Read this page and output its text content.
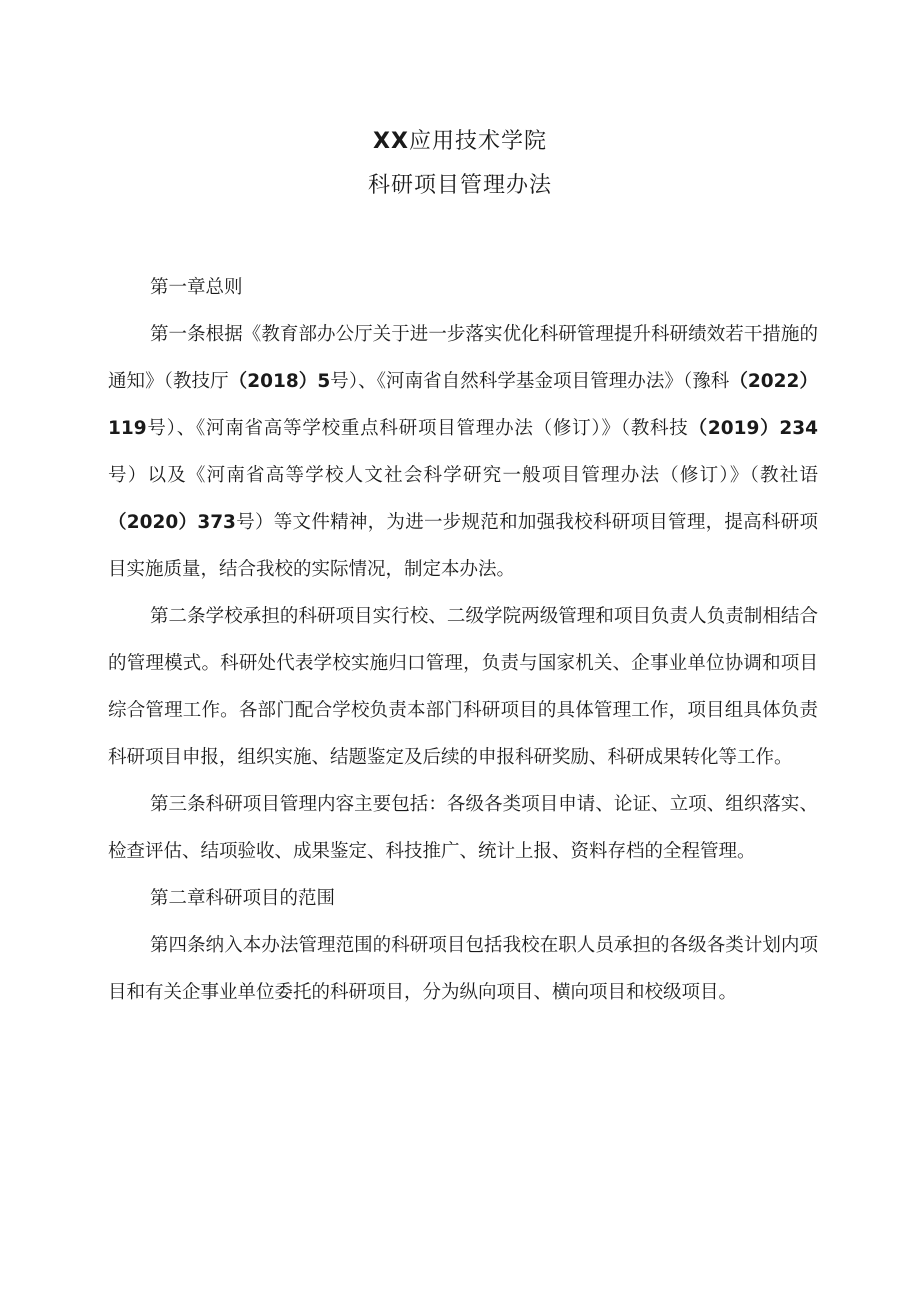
XX应用技术学院
科研项目管理办法

第一章总则

第一条根据《教育部办公厅关于进一步落实优化科研管理提升科研绩效若干措施的通知》（教技厅（2018）5号）、《河南省自然科学基金项目管理办法》（豫科（2022）119号）、《河南省高等学校重点科研项目管理办法（修订）》（教科技（2019）234号）以及《河南省高等学校人文社会科学研究一般项目管理办法（修订）》（教社语（2020）373号）等文件精神，为进一步规范和加强我校科研项目管理，提高科研项目实施质量，结合我校的实际情况，制定本办法。

第二条学校承担的科研项目实行校、二级学院两级管理和项目负责人负责制相结合的管理模式。科研处代表学校实施归口管理，负责与国家机关、企事业单位协调和项目综合管理工作。各部门配合学校负责本部门科研项目的具体管理工作，项目组具体负责科研项目申报，组织实施、结题鉴定及后续的申报科研奖励、科研成果转化等工作。

第三条科研项目管理内容主要包括：各级各类项目申请、论证、立项、组织落实、检查评估、结项验收、成果鉴定、科技推广、统计上报、资料存档的全程管理。

第二章科研项目的范围

第四条纳入本办法管理范围的科研项目包括我校在职人员承担的各级各类计划内项目和有关企事业单位委托的科研项目，分为纵向项目、横向项目和校级项目。
